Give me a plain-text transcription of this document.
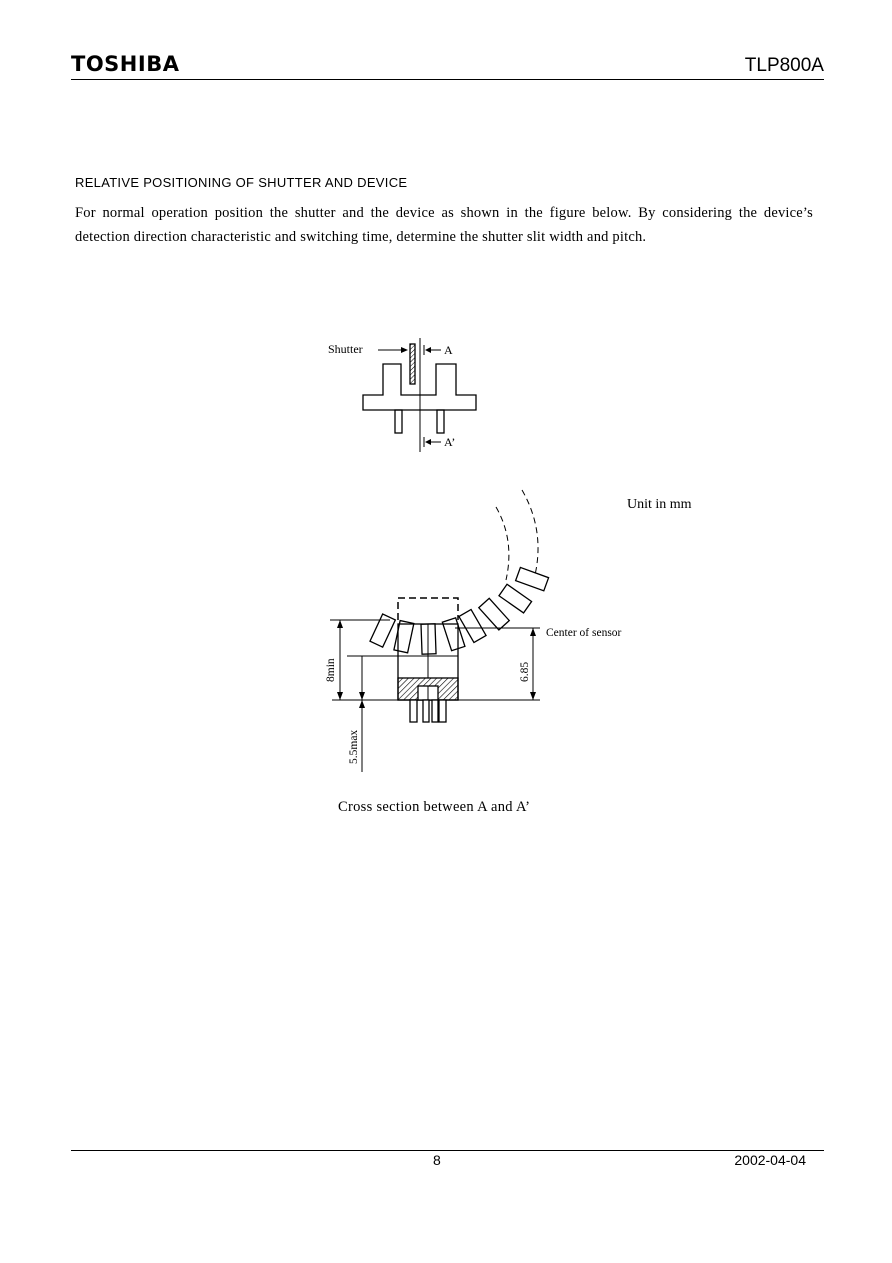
TOSHIBA	TLP800A
RELATIVE POSITIONING OF SHUTTER AND DEVICE
For normal operation position the shutter and the device as shown in the figure below. By considering the device’s detection direction characteristic and switching time, determine the shutter slit width and pitch.
Shutter	A
A’
Center of sensor
8min
5.5max
6.85
Unit in mm
Cross section between A and A’
8	2002-04-04
